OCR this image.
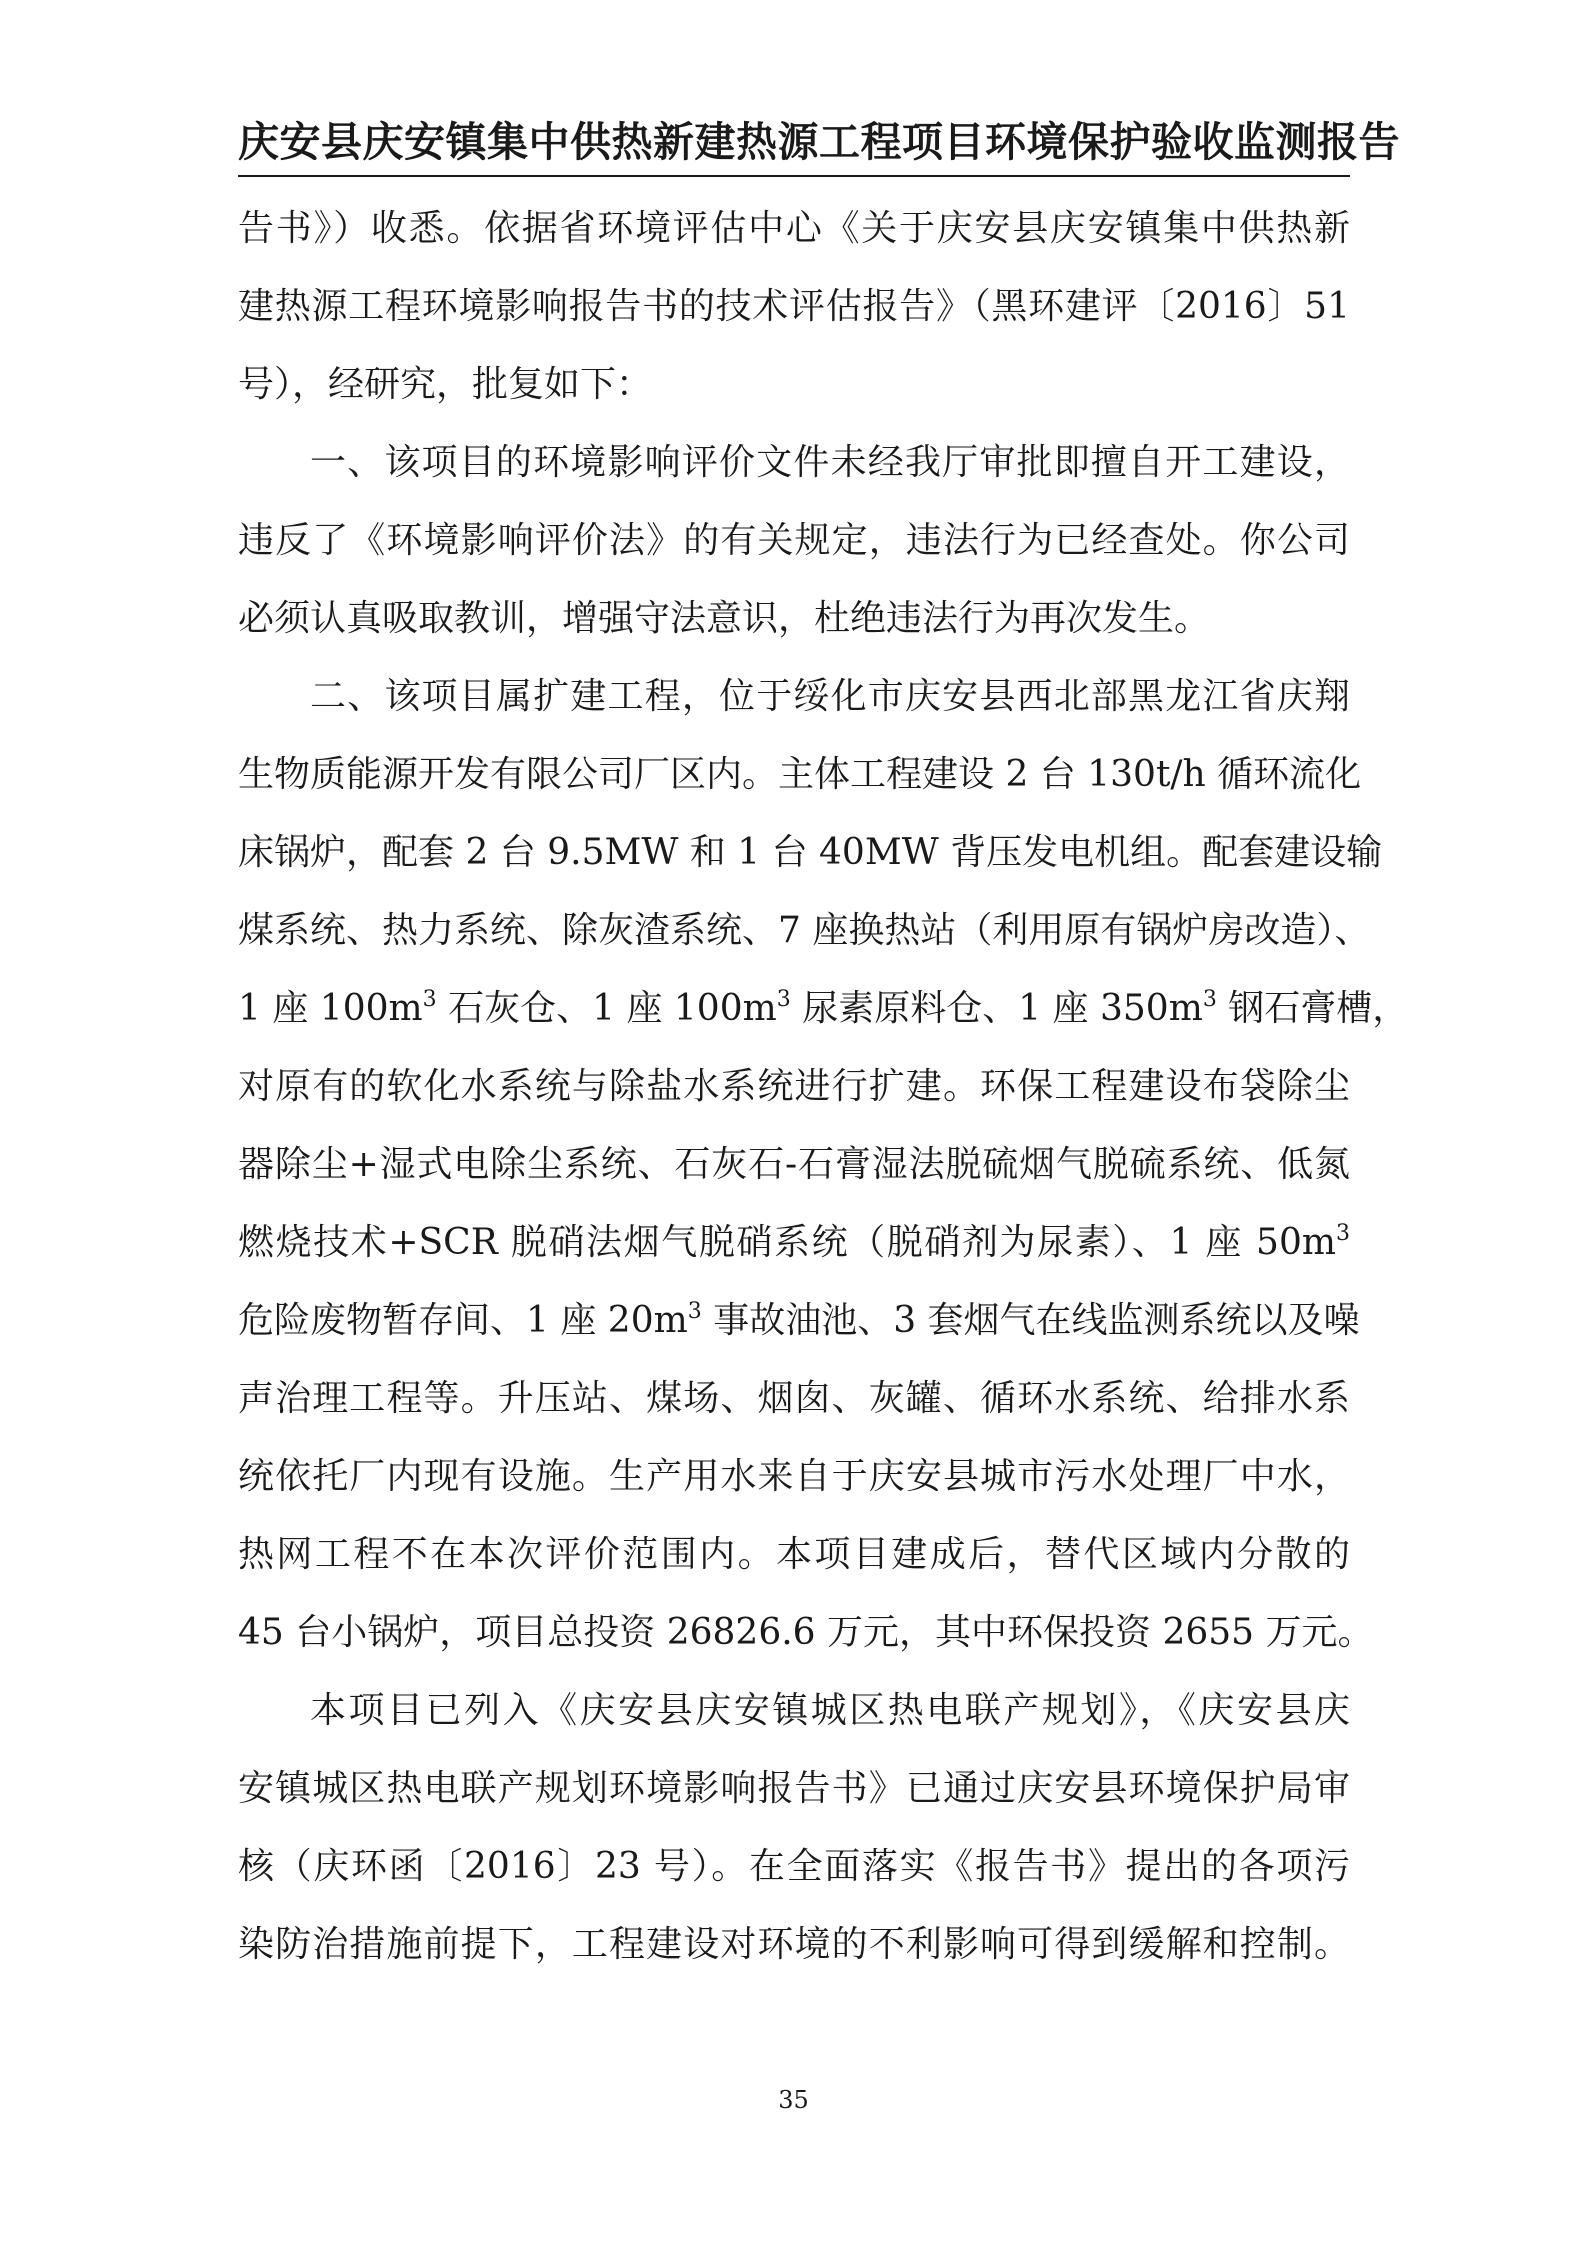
庆安县庆安镇集中供热新建热源工程项目环境保护验收监测报告
告书》）收悉。依据省环境评估中心《关于庆安县庆安镇集中供热新
建热源工程环境影响报告书的技术评估报告》（黑环建评〔2016〕51
号），经研究，批复如下：
一、该项目的环境影响评价文件未经我厅审批即擅自开工建设，
违反了《环境影响评价法》的有关规定，违法行为已经查处。你公司
必须认真吸取教训，增强守法意识，杜绝违法行为再次发生。
二、该项目属扩建工程，位于绥化市庆安县西北部黑龙江省庆翔
生物质能源开发有限公司厂区内。主体工程建设 2 台 130t/h 循环流化
床锅炉，配套 2 台 9.5MW 和 1 台 40MW 背压发电机组。配套建设输
煤系统、热力系统、除灰渣系统、7 座换热站（利用原有锅炉房改造）、
1 座 $100m^3$ 石灰仓、1 座 $100m^3$ 尿素原料仓、1 座 $350m^3$ 钢石膏槽，
对原有的软化水系统与除盐水系统进行扩建。环保工程建设布袋除尘
器除尘+湿式电除尘系统、石灰石-石膏湿法脱硫烟气脱硫系统、低氮
燃烧技术+SCR 脱硝法烟气脱硝系统（脱硝剂为尿素）、1 座 $50m^3$
危险废物暂存间、1 座 $20m^3$ 事故油池、3 套烟气在线监测系统以及噪
声治理工程等。升压站、煤场、烟囱、灰罐、循环水系统、给排水系
统依托厂内现有设施。生产用水来自于庆安县城市污水处理厂中水，
热网工程不在本次评价范围内。本项目建成后，替代区域内分散的
45 台小锅炉，项目总投资 26826.6 万元，其中环保投资 2655 万元。
本项目已列入《庆安县庆安镇城区热电联产规划》，《庆安县庆
安镇城区热电联产规划环境影响报告书》已通过庆安县环境保护局审
核（庆环函〔2016〕23 号）。在全面落实《报告书》提出的各项污
染防治措施前提下，工程建设对环境的不利影响可得到缓解和控制。
35
